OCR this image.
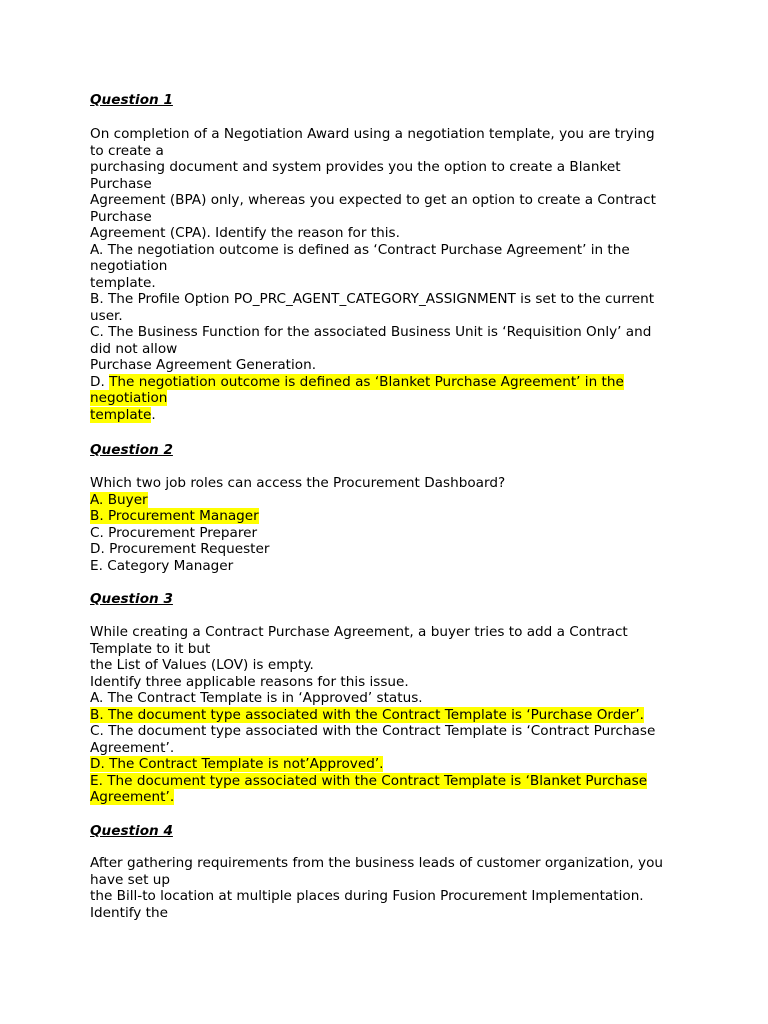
Question 1
On completion of a Negotiation Award using a negotiation template, you are trying
to create a
purchasing document and system provides you the option to create a Blanket
Purchase
Agreement (BPA) only, whereas you expected to get an option to create a Contract
Purchase
Agreement (CPA). Identify the reason for this.
A. The negotiation outcome is defined as ‘Contract Purchase Agreement’ in the
negotiation
template.
B. The Profile Option PO_PRC_AGENT_CATEGORY_ASSIGNMENT is set to the current
user.
C. The Business Function for the associated Business Unit is ‘Requisition Only’ and
did not allow
Purchase Agreement Generation.
D. The negotiation outcome is defined as ‘Blanket Purchase Agreement’ in the
negotiation
template.
Question 2
Which two job roles can access the Procurement Dashboard?
A. Buyer
B. Procurement Manager
C. Procurement Preparer
D. Procurement Requester
E. Category Manager
Question 3
While creating a Contract Purchase Agreement, a buyer tries to add a Contract
Template to it but
the List of Values (LOV) is empty.
Identify three applicable reasons for this issue.
A. The Contract Template is in ‘Approved’ status.
B. The document type associated with the Contract Template is ‘Purchase Order’.
C. The document type associated with the Contract Template is ‘Contract Purchase
Agreement’.
D. The Contract Template is not’Approved’.
E. The document type associated with the Contract Template is ‘Blanket Purchase
Agreement’.
Question 4
After gathering requirements from the business leads of customer organization, you
have set up
the Bill-to location at multiple places during Fusion Procurement Implementation.
Identify the
